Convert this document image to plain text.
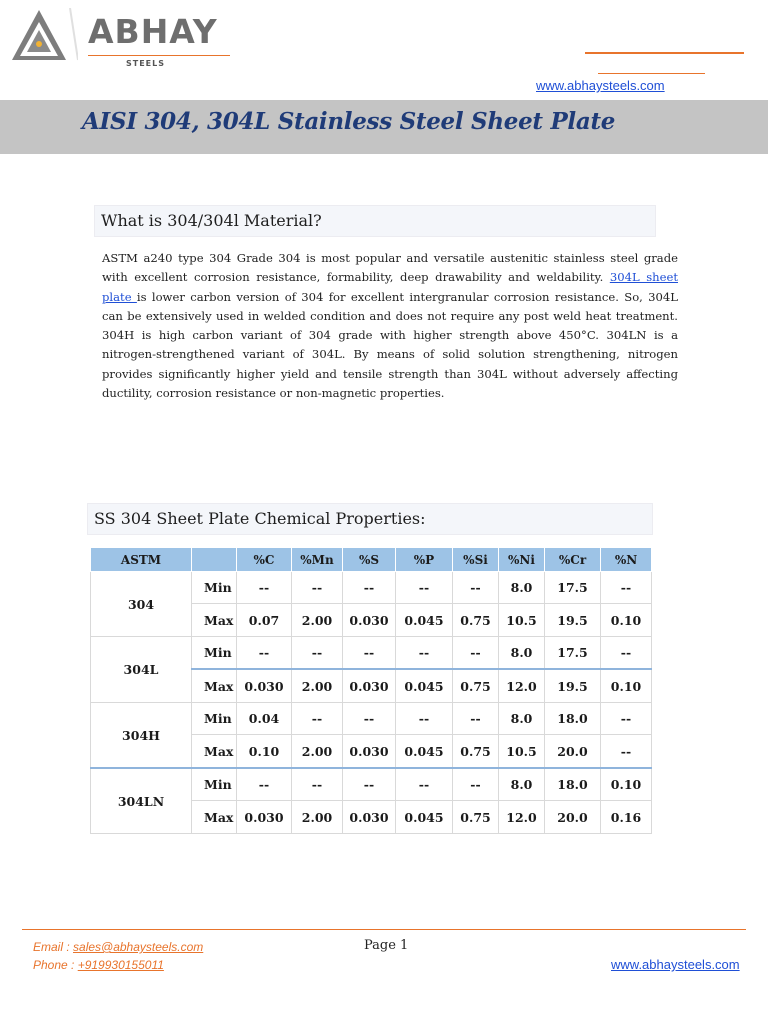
ABHAY
STEELS
www.abhaysteels.com
AISI 304, 304L Stainless Steel Sheet Plate
What is 304/304l Material?

ASTM a240 type 304 Grade 304 is most popular and versatile austenitic stainless steel grade with excellent corrosion resistance, formability, deep drawability and weldability. 304L sheet plate is lower carbon version of 304 for excellent intergranular corrosion resistance. So, 304L can be extensively used in welded condition and does not require any post weld heat treatment. 304H is high carbon variant of 304 grade with higher strength above 450°C. 304LN is a nitrogen-strengthened variant of 304L. By means of solid solution strengthening, nitrogen provides significantly higher yield and tensile strength than 304L without adversely affecting ductility, corrosion resistance or non-magnetic properties.

SS 304 Sheet Plate Chemical Properties:
ASTM		%C	%Mn	%S	%P	%Si	%Ni	%Cr	%N
304	Min	--	--	--	--	--	8.0	17.5	--
	Max	0.07	2.00	0.030	0.045	0.75	10.5	19.5	0.10
304L	Min	--	--	--	--	--	8.0	17.5	--
	Max	0.030	2.00	0.030	0.045	0.75	12.0	19.5	0.10
304H	Min	0.04	--	--	--	--	8.0	18.0	--
	Max	0.10	2.00	0.030	0.045	0.75	10.5	20.0	--
304LN	Min	--	--	--	--	--	8.0	18.0	0.10
	Max	0.030	2.00	0.030	0.045	0.75	12.0	20.0	0.16
Email : sales@abhaysteels.com
Phone : +919930155011
Page 1
www.abhaysteels.com
